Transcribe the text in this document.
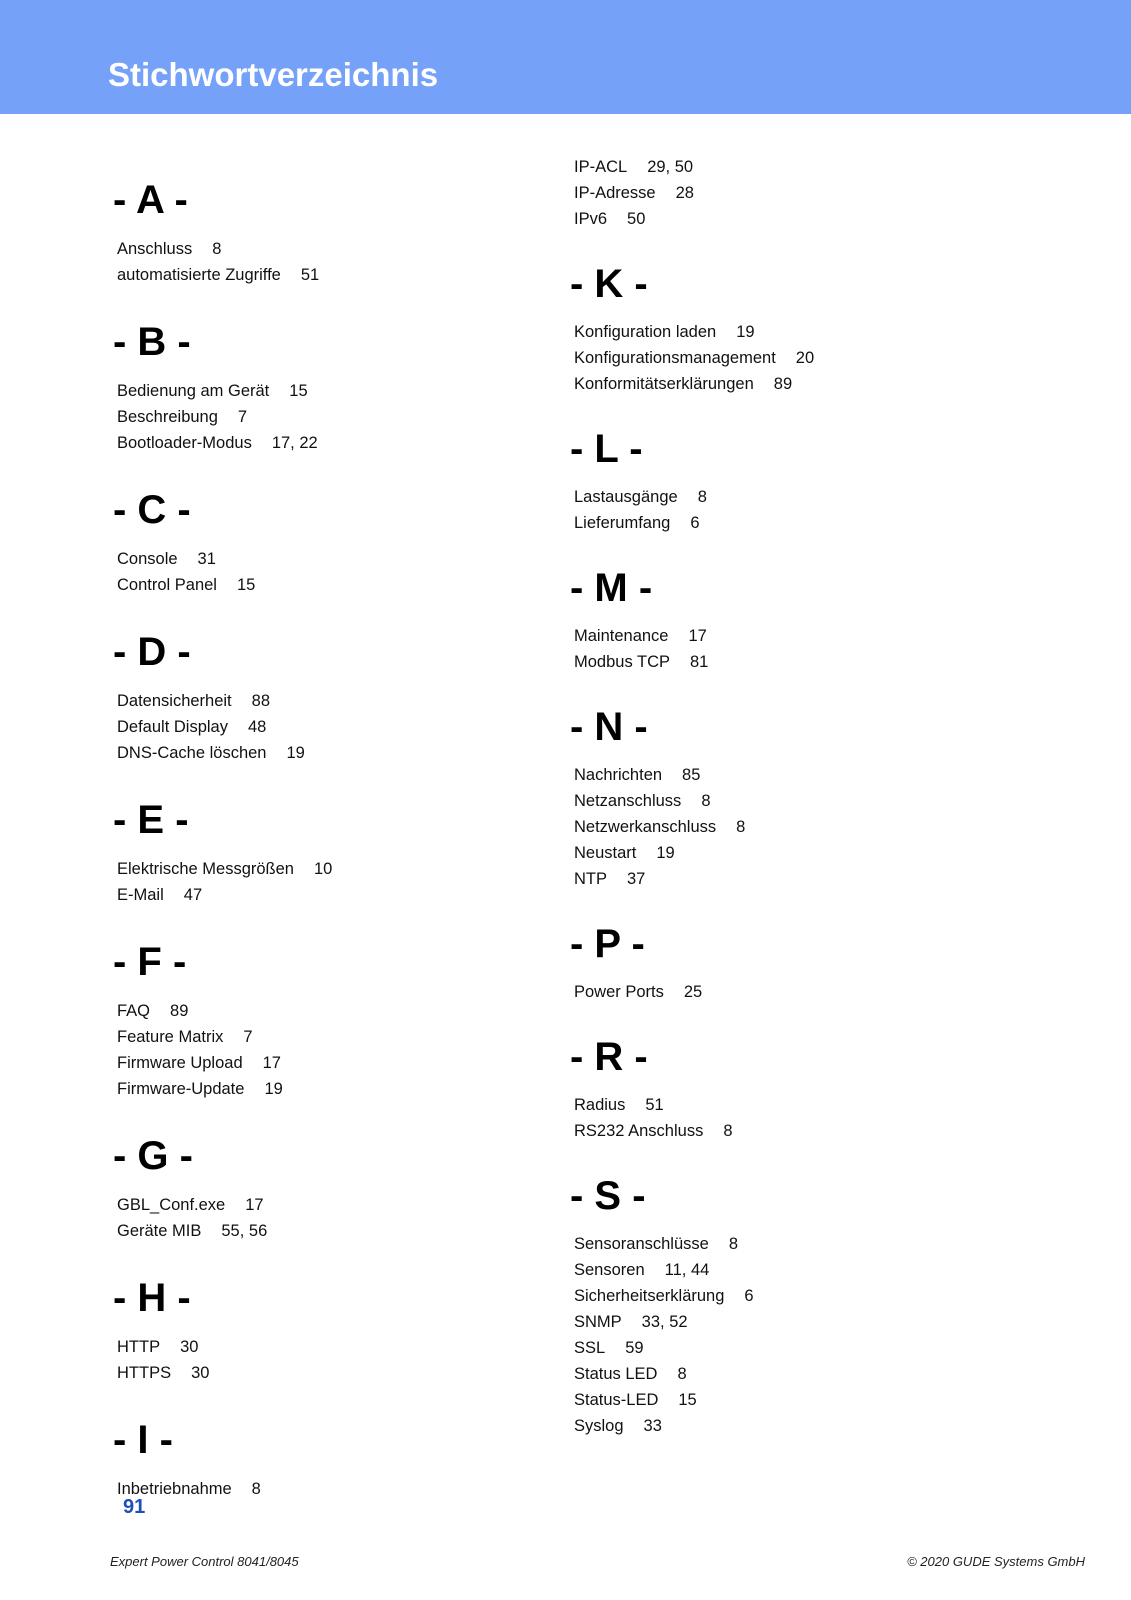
Stichwortverzeichnis
- A -
Anschluss 8
automatisierte Zugriffe 51
- B -
Bedienung am Gerät 15
Beschreibung 7
Bootloader-Modus 17, 22
- C -
Console 31
Control Panel 15
- D -
Datensicherheit 88
Default Display 48
DNS-Cache löschen 19
- E -
Elektrische Messgrößen 10
E-Mail 47
- F -
FAQ 89
Feature Matrix 7
Firmware Upload 17
Firmware-Update 19
- G -
GBL_Conf.exe 17
Geräte MIB 55, 56
- H -
HTTP 30
HTTPS 30
- I -
Inbetriebnahme 8
IP-ACL 29, 50
IP-Adresse 28
IPv6 50
- K -
Konfiguration laden 19
Konfigurationsmanagement 20
Konformitätserklärungen 89
- L -
Lastausgänge 8
Lieferumfang 6
- M -
Maintenance 17
Modbus TCP 81
- N -
Nachrichten 85
Netzanschluss 8
Netzwerkanschluss 8
Neustart 19
NTP 37
- P -
Power Ports 25
- R -
Radius 51
RS232 Anschluss 8
- S -
Sensoranschlüsse 8
Sensoren 11, 44
Sicherheitserklärung 6
SNMP 33, 52
SSL 59
Status LED 8
Status-LED 15
Syslog 33

91

Expert Power Control 8041/8045	© 2020 GUDE Systems GmbH
